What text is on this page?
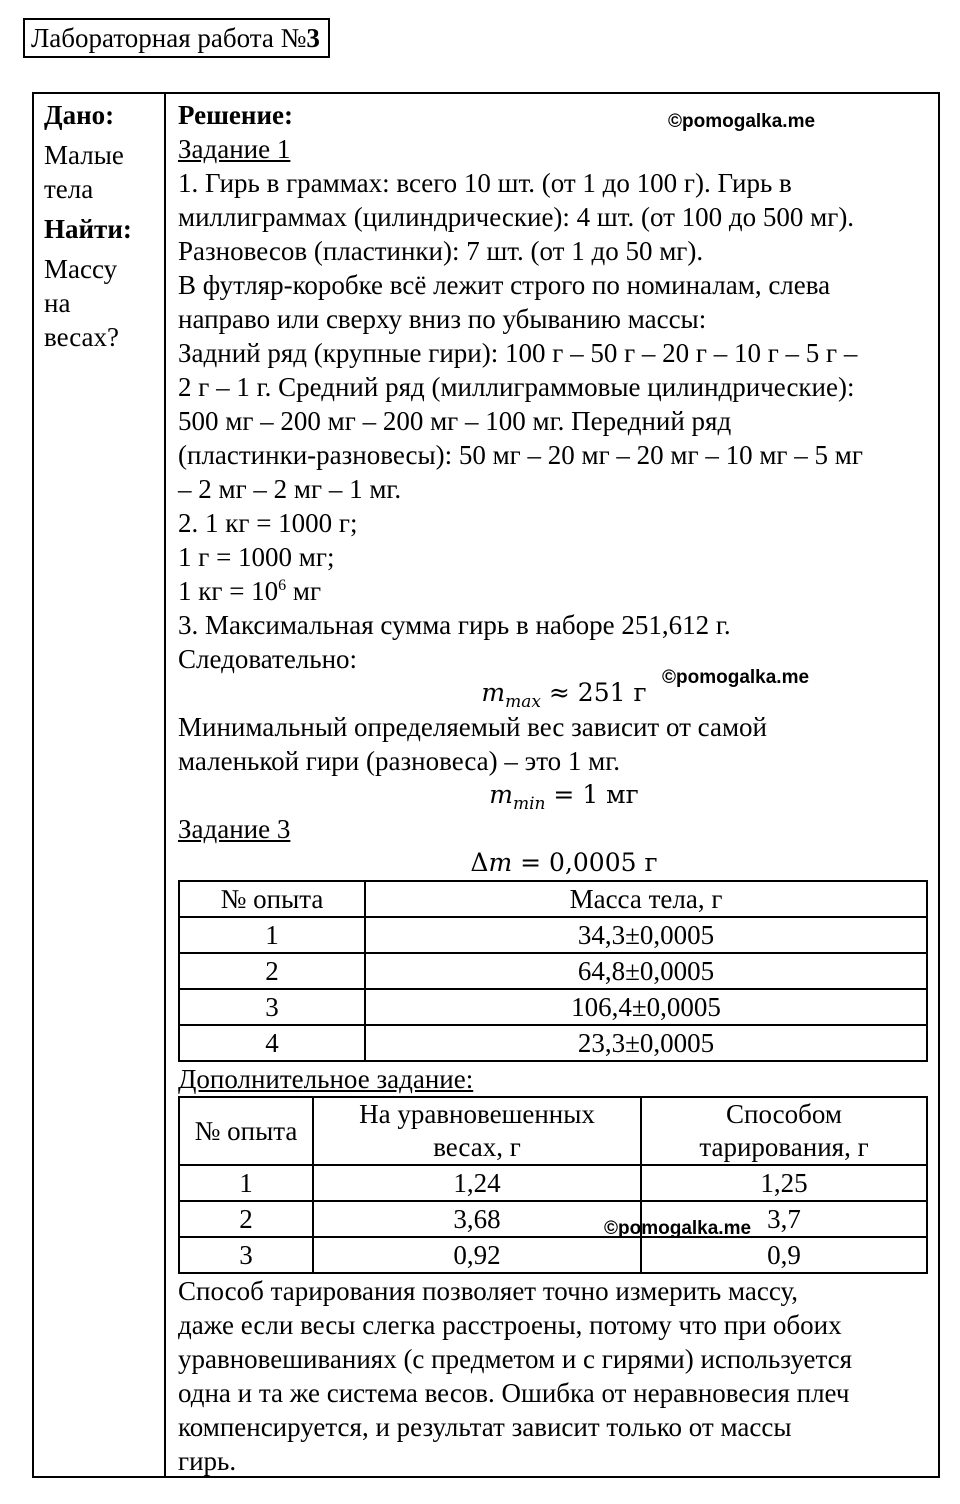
Лабораторная работа №3
Дано:
Малые
тела
Найти:
Массу
на
весах?
Решение:
Задание 1
1. Гирь в граммах: всего 10 шт. (от 1 до 100 г). Гирь в
миллиграммах (цилиндрические): 4 шт. (от 100 до 500 мг).
Разновесов (пластинки): 7 шт. (от 1 до 50 мг).
В футляр-коробке всё лежит строго по номиналам, слева
направо или сверху вниз по убыванию массы:
Задний ряд (крупные гири): 100 г – 50 г – 20 г – 10 г – 5 г –
2 г – 1 г. Средний ряд (миллиграммовые цилиндрические):
500 мг – 200 мг – 200 мг – 100 мг. Передний ряд
(пластинки-разновесы): 50 мг – 20 мг – 20 мг – 10 мг – 5 мг
– 2 мг – 2 мг – 1 мг.
2. 1 кг = 1000 г;
1 г = 1000 мг;
1 кг = $10^6$ мг
3. Максимальная сумма гирь в наборе 251,612 г.
Следовательно:
$m_{max} \approx 251$ г
Минимальный определяемый вес зависит от самой
маленькой гири (разновеса) – это 1 мг.
$m_{min} = 1$ мг
Задание 3
Δm = 0,0005 г
№ опыта	Масса тела, г
1	34,3±0,0005
2	64,8±0,0005
3	106,4±0,0005
4	23,3±0,0005
Дополнительное задание:
№ опыта	На уравновешенных весах, г	Способом тарирования, г
1	1,24	1,25
2	3,68	3,7
3	0,92	0,9
Способ тарирования позволяет точно измерить массу,
даже если весы слегка расстроены, потому что при обоих
уравновешиваниях (с предметом и с гирями) используется
одна и та же система весов. Ошибка от неравновесия плеч
компенсируется, и результат зависит только от массы
гирь.
©pomogalka.me
©pomogalka.me
©pomogalka.me
